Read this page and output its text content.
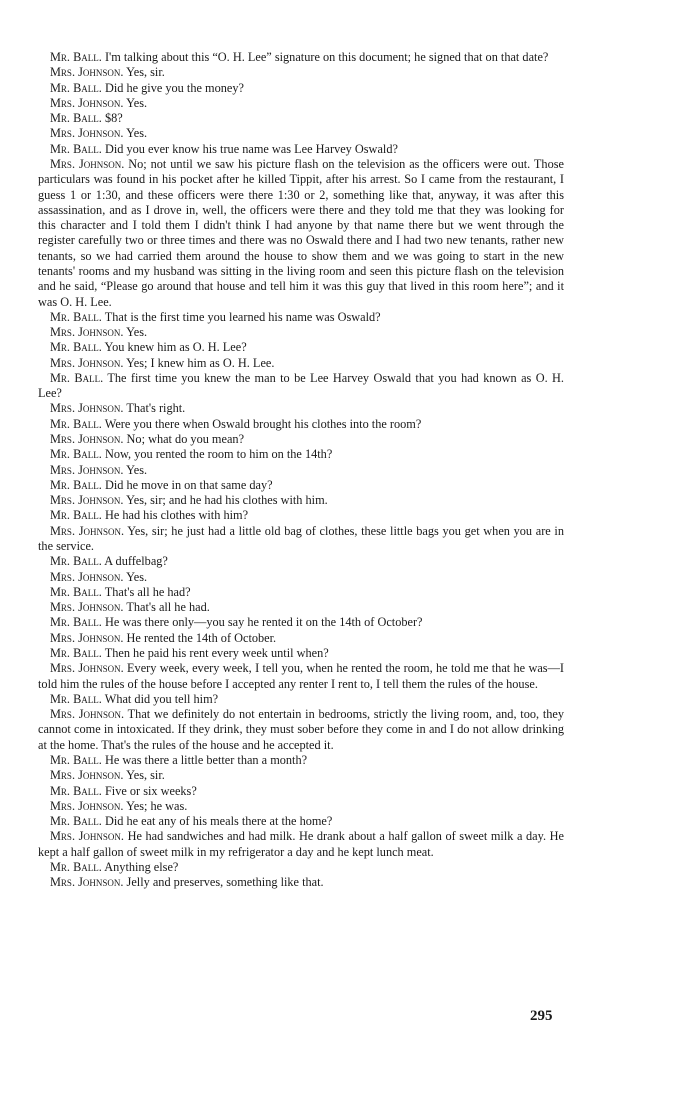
Mr. Ball. I'm talking about this “O. H. Lee” signature on this document; he signed that on that date?

Mrs. Johnson. Yes, sir.

Mr. Ball. Did he give you the money?

Mrs. Johnson. Yes.

Mr. Ball. $8?

Mrs. Johnson. Yes.

Mr. Ball. Did you ever know his true name was Lee Harvey Oswald?

Mrs. Johnson. No; not until we saw his picture flash on the television as the officers were out. Those particulars was found in his pocket after he killed Tippit, after his arrest. So I came from the restaurant, I guess 1 or 1:30, and these officers were there 1:30 or 2, something like that, anyway, it was after this assassination, and as I drove in, well, the officers were there and they told me that they was looking for this character and I told them I didn't think I had anyone by that name there but we went through the register carefully two or three times and there was no Oswald there and I had two new tenants, rather new tenants, so we had carried them around the house to show them and we was going to start in the new tenants' rooms and my husband was sitting in the living room and seen this picture flash on the television and he said, “Please go around that house and tell him it was this guy that lived in this room here”; and it was O. H. Lee.

Mr. Ball. That is the first time you learned his name was Oswald?

Mrs. Johnson. Yes.

Mr. Ball. You knew him as O. H. Lee?

Mrs. Johnson. Yes; I knew him as O. H. Lee.

Mr. Ball. The first time you knew the man to be Lee Harvey Oswald that you had known as O. H. Lee?

Mrs. Johnson. That's right.

Mr. Ball. Were you there when Oswald brought his clothes into the room?

Mrs. Johnson. No; what do you mean?

Mr. Ball. Now, you rented the room to him on the 14th?

Mrs. Johnson. Yes.

Mr. Ball. Did he move in on that same day?

Mrs. Johnson. Yes, sir; and he had his clothes with him.

Mr. Ball. He had his clothes with him?

Mrs. Johnson. Yes, sir; he just had a little old bag of clothes, these little bags you get when you are in the service.

Mr. Ball. A duffelbag?

Mrs. Johnson. Yes.

Mr. Ball. That's all he had?

Mrs. Johnson. That's all he had.

Mr. Ball. He was there only—you say he rented it on the 14th of October?

Mrs. Johnson. He rented the 14th of October.

Mr. Ball. Then he paid his rent every week until when?

Mrs. Johnson. Every week, every week, I tell you, when he rented the room, he told me that he was—I told him the rules of the house before I accepted any renter I rent to, I tell them the rules of the house.

Mr. Ball. What did you tell him?

Mrs. Johnson. That we definitely do not entertain in bedrooms, strictly the living room, and, too, they cannot come in intoxicated. If they drink, they must sober before they come in and I do not allow drinking at the home. That's the rules of the house and he accepted it.

Mr. Ball. He was there a little better than a month?

Mrs. Johnson. Yes, sir.

Mr. Ball. Five or six weeks?

Mrs. Johnson. Yes; he was.

Mr. Ball. Did he eat any of his meals there at the home?

Mrs. Johnson. He had sandwiches and had milk. He drank about a half gallon of sweet milk a day. He kept a half gallon of sweet milk in my refrigerator a day and he kept lunch meat.

Mr. Ball. Anything else?

Mrs. Johnson. Jelly and preserves, something like that.

295
